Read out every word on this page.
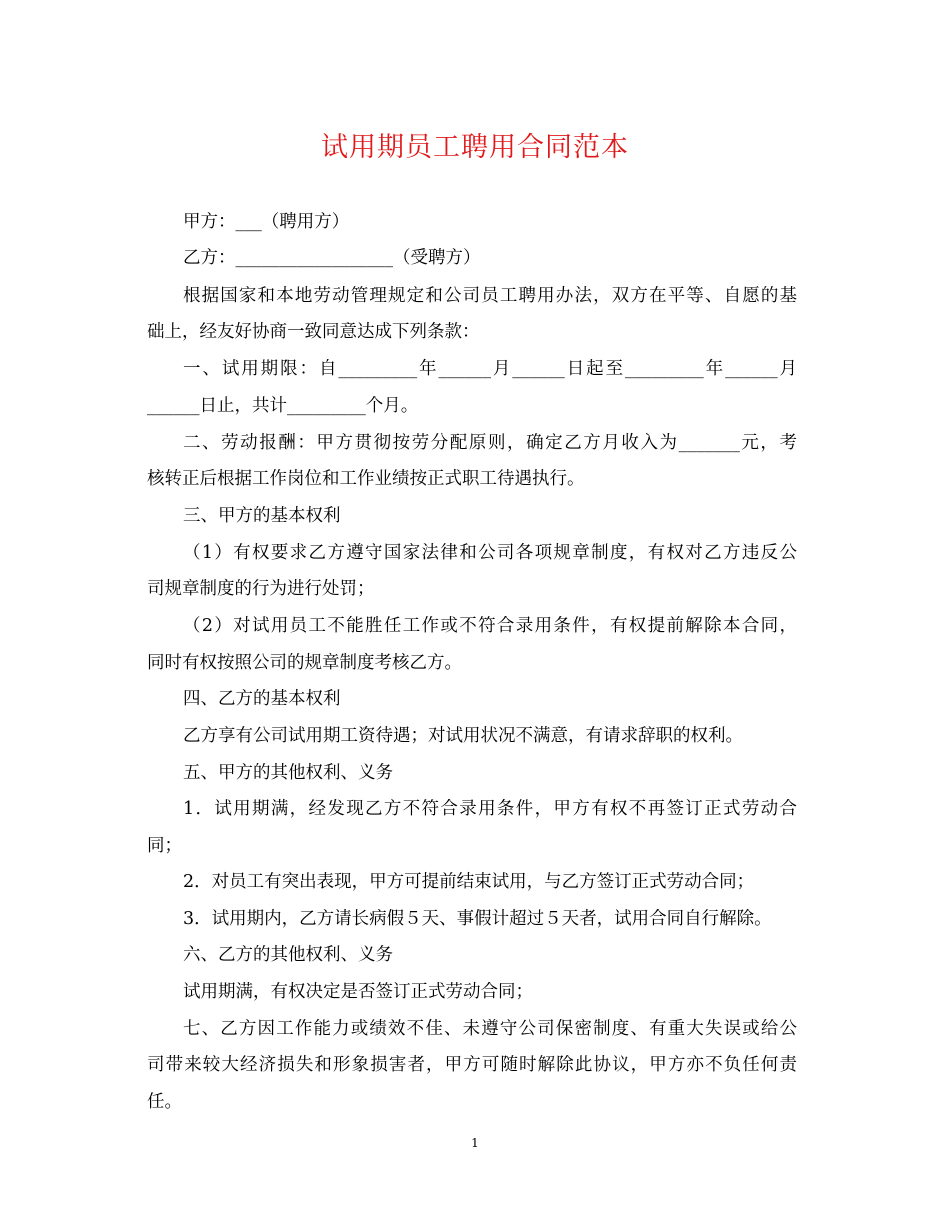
试用期员工聘用合同范本
甲方：___（聘用方）
乙方：__________________（受聘方）
根据国家和本地劳动管理规定和公司员工聘用办法，双方在平等、自愿的基
础上，经友好协商一致同意达成下列条款：
一、试用期限：自_________年______月______日起至_________年______月
______日止，共计_________个月。
二、劳动报酬：甲方贯彻按劳分配原则，确定乙方月收入为_______元，考
核转正后根据工作岗位和工作业绩按正式职工待遇执行。
三、甲方的基本权利
（1）有权要求乙方遵守国家法律和公司各项规章制度，有权对乙方违反公
司规章制度的行为进行处罚；
（2）对试用员工不能胜任工作或不符合录用条件，有权提前解除本合同，
同时有权按照公司的规章制度考核乙方。
四、乙方的基本权利
乙方享有公司试用期工资待遇；对试用状况不满意，有请求辞职的权利。
五、甲方的其他权利、义务
1．试用期满，经发现乙方不符合录用条件，甲方有权不再签订正式劳动合
同；
2．对员工有突出表现，甲方可提前结束试用，与乙方签订正式劳动合同；
3．试用期内，乙方请长病假５天、事假计超过５天者，试用合同自行解除。
六、乙方的其他权利、义务
试用期满，有权决定是否签订正式劳动合同；
七、乙方因工作能力或绩效不佳、未遵守公司保密制度、有重大失误或给公
司带来较大经济损失和形象损害者，甲方可随时解除此协议，甲方亦不负任何责
任。
1
